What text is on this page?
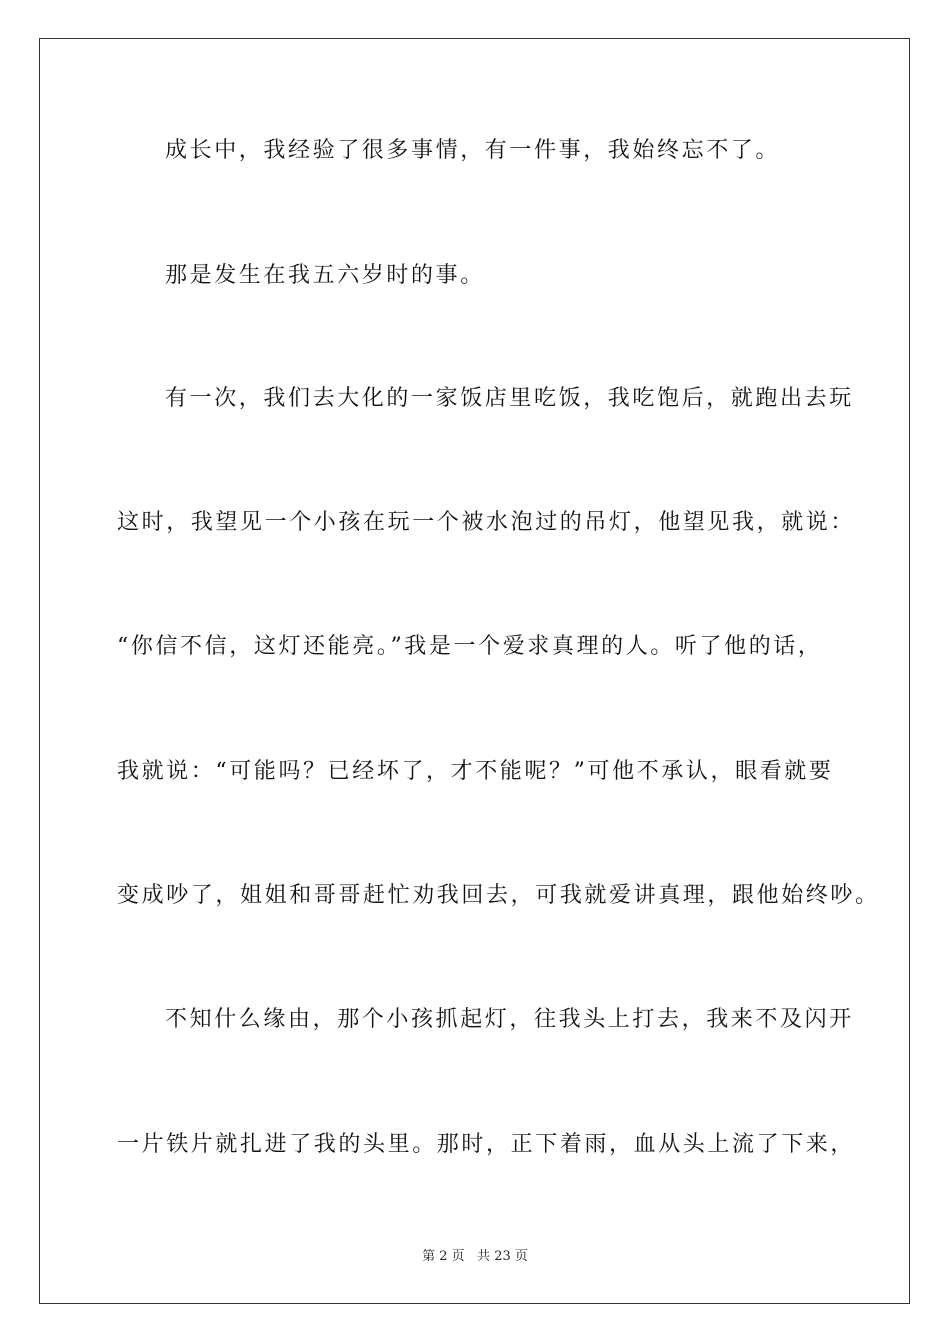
成长中，我经验了很多事情，有一件事，我始终忘不了。
那是发生在我五六岁时的事。
有一次，我们去大化的一家饭店里吃饭，我吃饱后，就跑出去玩
这时，我望见一个小孩在玩一个被水泡过的吊灯，他望见我，就说：
“你信不信，这灯还能亮。”我是一个爱求真理的人。听了他的话，
我就说：“可能吗？已经坏了，才不能呢？”可他不承认，眼看就要
变成吵了，姐姐和哥哥赶忙劝我回去，可我就爱讲真理，跟他始终吵。
不知什么缘由，那个小孩抓起灯，往我头上打去，我来不及闪开
一片铁片就扎进了我的头里。那时，正下着雨，血从头上流了下来，
第 2 页   共 23 页
